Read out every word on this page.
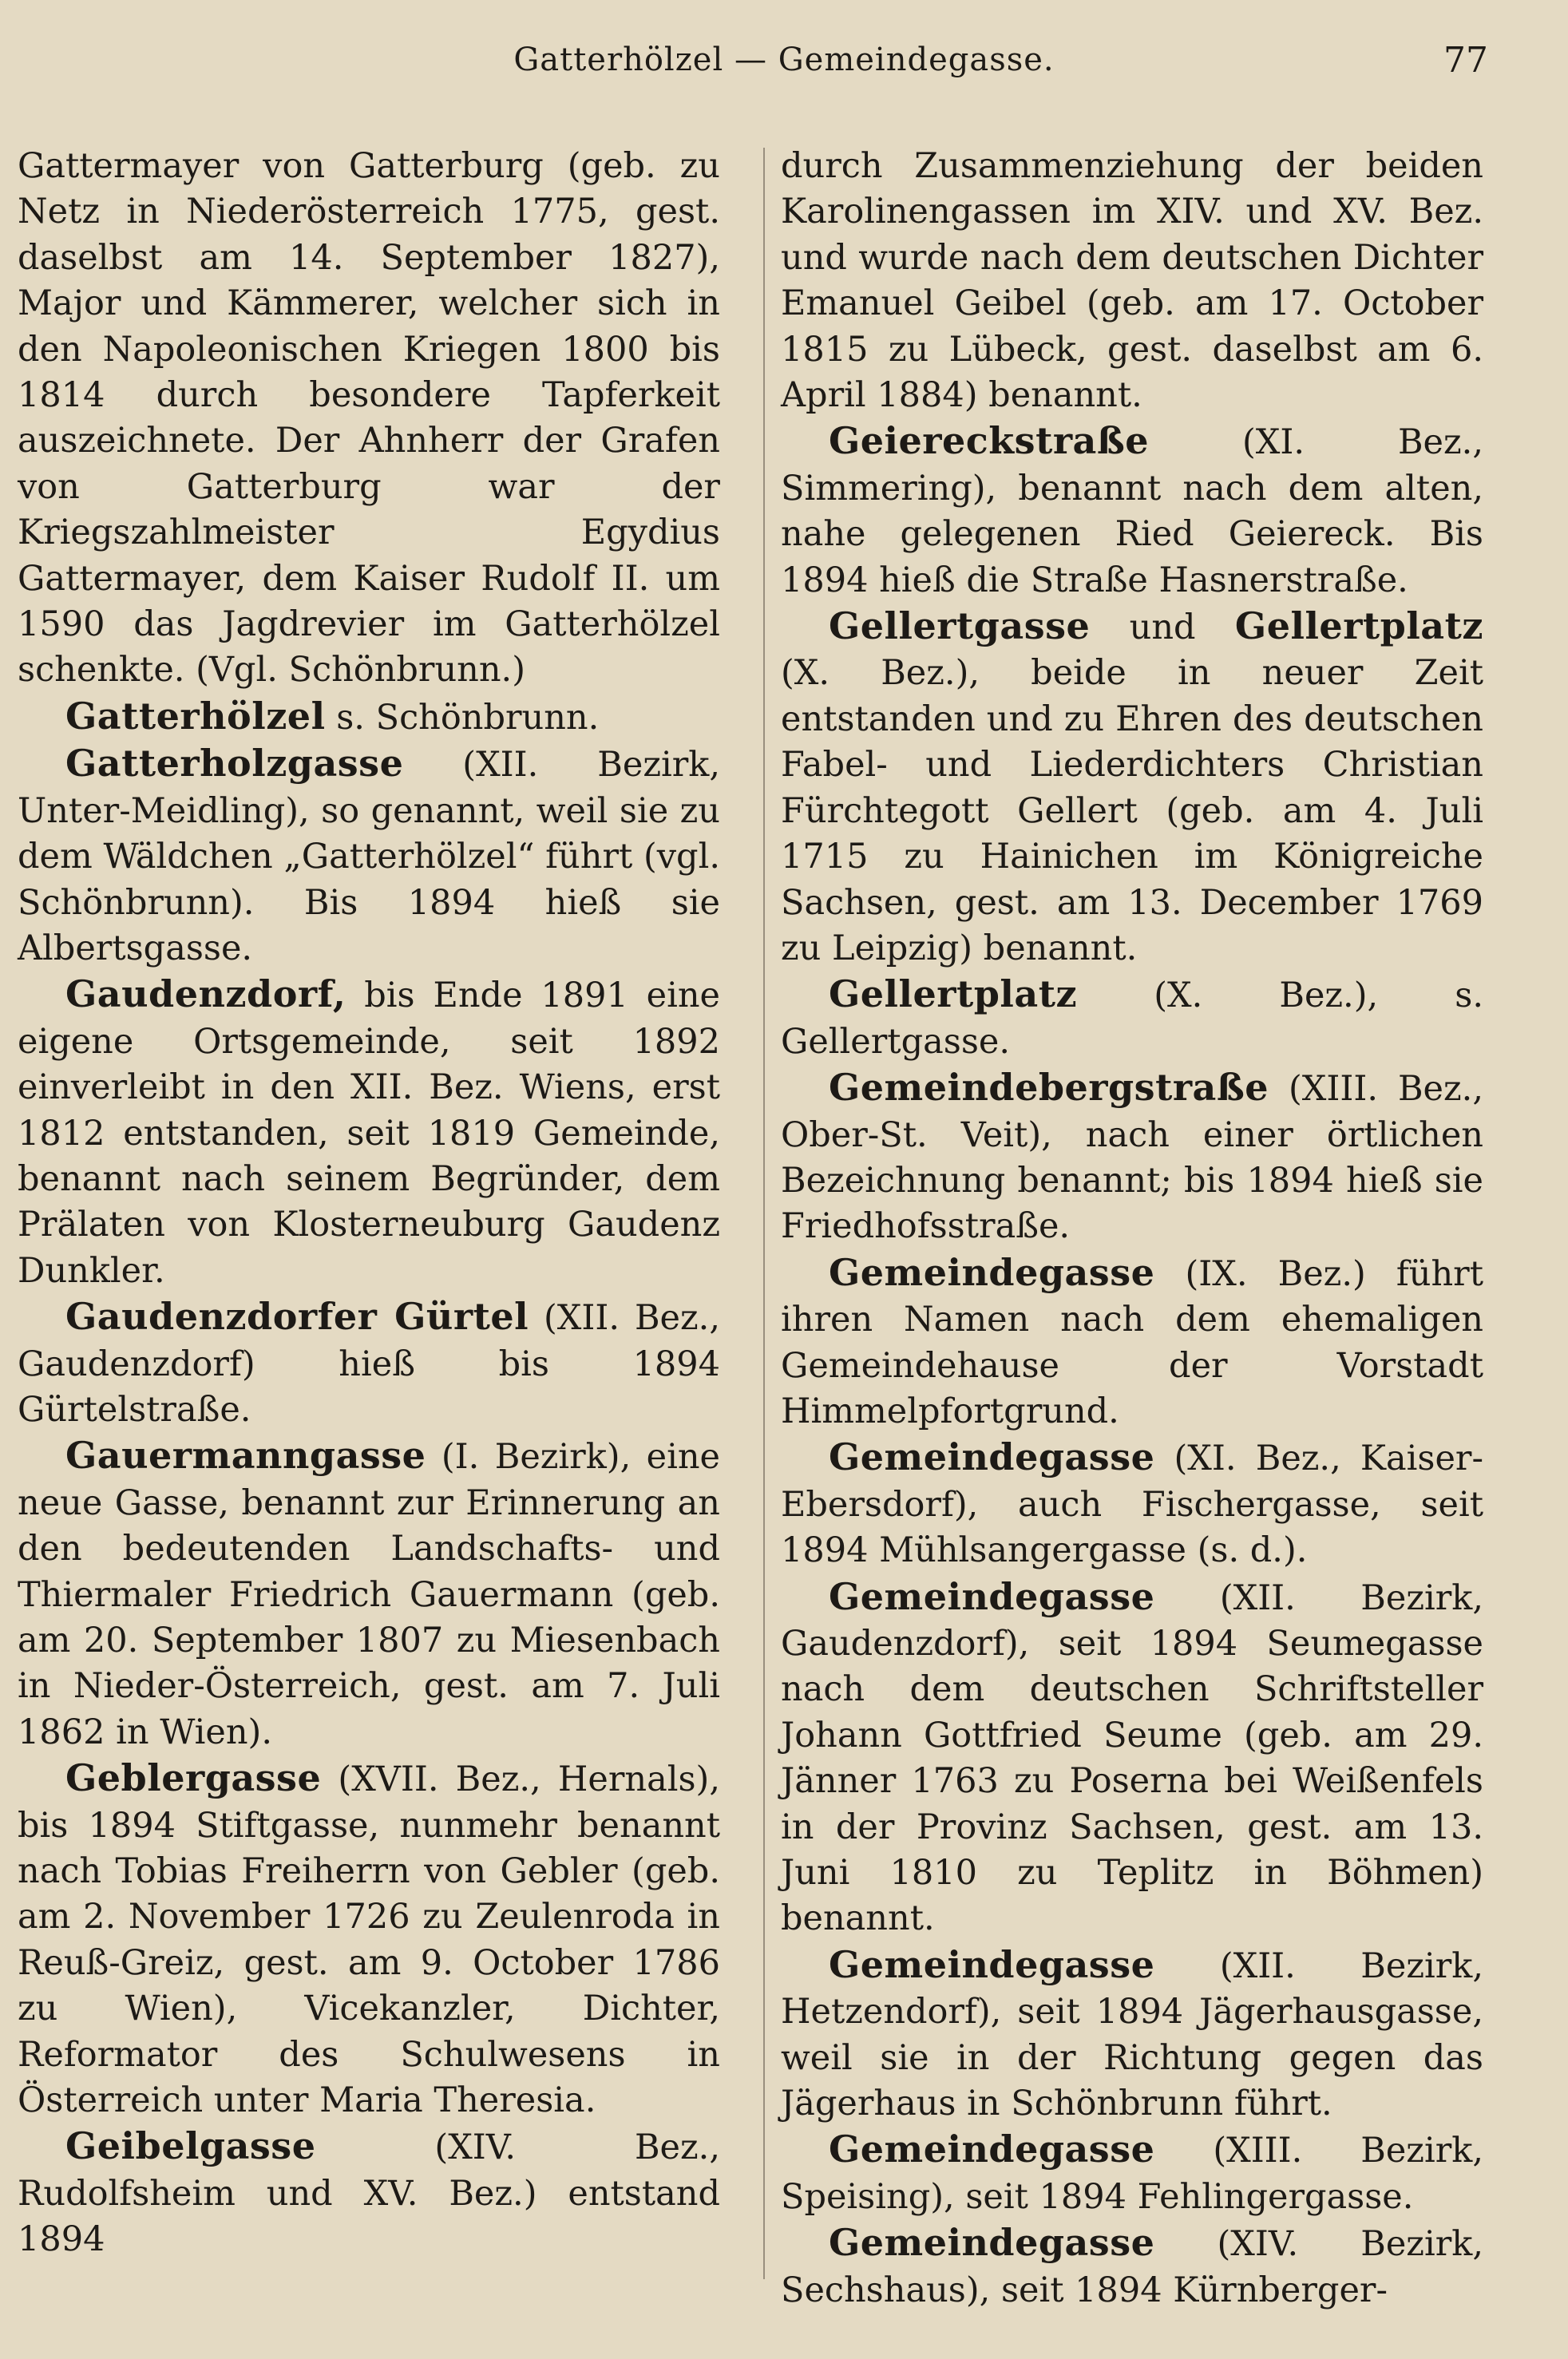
Gatterhölzel — Gemeindegasse.	77

Gattermayer von Gatterburg (geb. zu Netz in Niederösterreich 1775, gest. daselbst am 14. September 1827), Major und Kämmerer, welcher sich in den Napoleonischen Kriegen 1800 bis 1814 durch besondere Tapferkeit auszeichnete. Der Ahnherr der Grafen von Gatterburg war der Kriegszahlmeister Egydius Gattermayer, dem Kaiser Rudolf II. um 1590 das Jagdrevier im Gatterhölzel schenkte. (Vgl. Schönbrunn.)

Gatterhölzel s. Schönbrunn.

Gatterholzgasse (XII. Bezirk, Unter-Meidling), so genannt, weil sie zu dem Wäldchen „Gatterhölzel“ führt (vgl. Schönbrunn). Bis 1894 hieß sie Albertsgasse.

Gaudenzdorf, bis Ende 1891 eine eigene Ortsgemeinde, seit 1892 einverleibt in den XII. Bez. Wiens, erst 1812 entstanden, seit 1819 Gemeinde, benannt nach seinem Begründer, dem Prälaten von Klosterneuburg Gaudenz Dunkler.

Gaudenzdorfer Gürtel (XII. Bez., Gaudenzdorf) hieß bis 1894 Gürtelstraße.

Gauermanngasse (I. Bezirk), eine neue Gasse, benannt zur Erinnerung an den bedeutenden Landschafts- und Thiermaler Friedrich Gauermann (geb. am 20. September 1807 zu Miesenbach in Nieder-Österreich, gest. am 7. Juli 1862 in Wien).

Geblergasse (XVII. Bez., Hernals), bis 1894 Stiftgasse, nunmehr benannt nach Tobias Freiherrn von Gebler (geb. am 2. November 1726 zu Zeulenroda in Reuß-Greiz, gest. am 9. October 1786 zu Wien), Vicekanzler, Dichter, Reformator des Schulwesens in Österreich unter Maria Theresia.

Geibelgasse	(XIV. Bez., Rudolfsheim und XV. Bez.) entstand 1894

durch Zusammenziehung der beiden Karolinengassen im XIV. und XV. Bez. und wurde nach dem deutschen Dichter Emanuel Geibel (geb. am 17. October 1815 zu Lübeck, gest. daselbst am 6. April 1884) benannt.

Geiereckstraße	(XI. Bez., Simmering), benannt nach dem alten, nahe gelegenen Ried Geiereck. Bis 1894 hieß die Straße Hasnerstraße.

Gellertgasse und Gellertplatz (X. Bez.), beide in neuer Zeit entstanden und zu Ehren des deutschen Fabel- und Liederdichters Christian Fürchtegott Gellert (geb. am 4. Juli 1715 zu Hainichen im Königreiche Sachsen, gest. am 13. December 1769 zu Leipzig) benannt.

Gellertplatz (X. Bez.), s. Gellertgasse.

Gemeindebergstraße (XIII. Bez., Ober-St. Veit), nach einer örtlichen Bezeichnung benannt; bis 1894 hieß sie Friedhofsstraße.

Gemeindegasse (IX. Bez.) führt ihren Namen nach dem ehemaligen Gemeindehause der Vorstadt Himmelpfortgrund.

Gemeindegasse (XI. Bez., Kaiser-Ebersdorf), auch Fischergasse, seit 1894 Mühlsangergasse (s. d.).

Gemeindegasse (XII. Bezirk, Gaudenzdorf), seit 1894 Seumegasse nach dem deutschen Schriftsteller Johann Gottfried Seume (geb. am 29. Jänner 1763 zu Poserna bei Weißenfels in der Provinz Sachsen, gest. am 13. Juni 1810 zu Teplitz in Böhmen) benannt.

Gemeindegasse (XII. Bezirk, Hetzendorf), seit 1894 Jägerhausgasse, weil sie in der Richtung gegen das Jägerhaus in Schönbrunn führt.

Gemeindegasse (XIII. Bezirk, Speising), seit 1894 Fehlingergasse.

Gemeindegasse (XIV. Bezirk, Sechshaus), seit 1894 Kürnberger-
